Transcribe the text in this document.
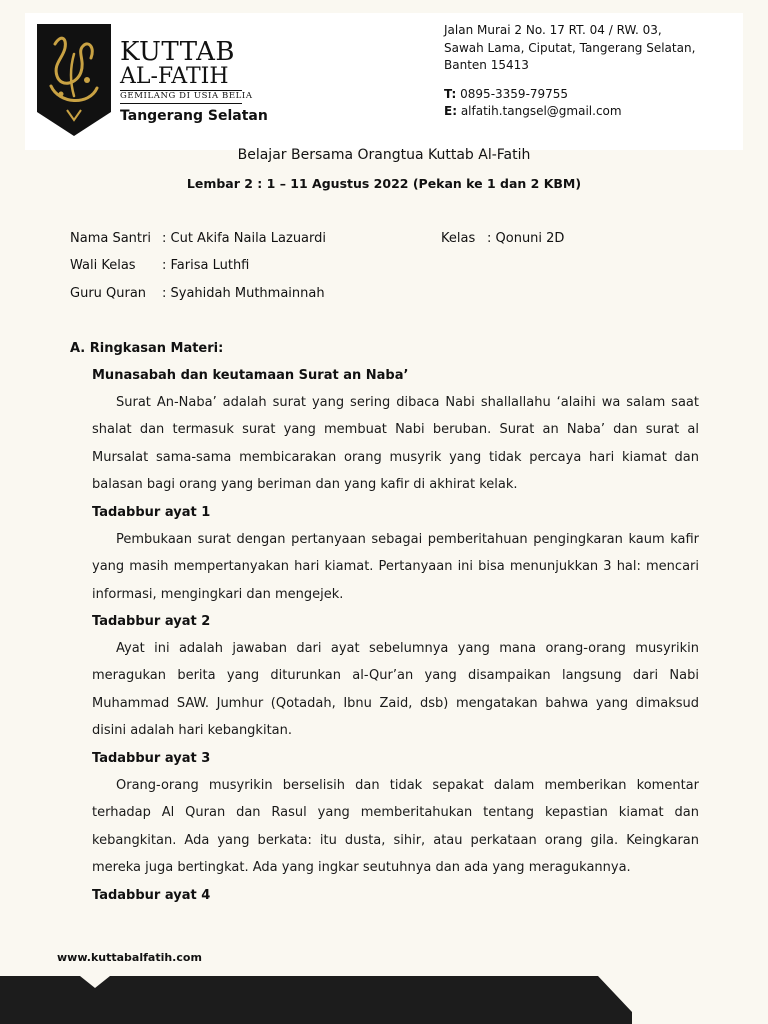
KUTTAB
AL-FATIH
GEMILANG DI USIA BELIA
Tangerang Selatan
Jalan Murai 2 No. 17 RT. 04 / RW. 03,
Sawah Lama, Ciputat, Tangerang Selatan,
Banten 15413
T: 0895-3359-79755
E: alfatih.tangsel@gmail.com
Belajar Bersama Orangtua Kuttab Al-Fatih
Lembar 2 : 1 – 11 Agustus 2022 (Pekan ke 1 dan 2 KBM)
Nama Santri : Cut Akifa Naila Lazuardi	Kelas : Qonuni 2D
Wali Kelas : Farisa Luthfi
Guru Quran : Syahidah Muthmainnah
A. Ringkasan Materi:
Munasabah dan keutamaan Surat an Naba’

Surat An-Naba’ adalah surat yang sering dibaca Nabi shallallahu ‘alaihi wa salam saat shalat dan termasuk surat yang membuat Nabi beruban. Surat an Naba’ dan surat al Mursalat sama-sama membicarakan orang musyrik yang tidak percaya hari kiamat dan balasan bagi orang yang beriman dan yang kafir di akhirat kelak.

Tadabbur ayat 1

Pembukaan surat dengan pertanyaan sebagai pemberitahuan pengingkaran kaum kafir yang masih mempertanyakan hari kiamat. Pertanyaan ini bisa menunjukkan 3 hal: mencari informasi, mengingkari dan mengejek.

Tadabbur ayat 2

Ayat ini adalah jawaban dari ayat sebelumnya yang mana orang-orang musyrikin meragukan berita yang diturunkan al-Qur’an yang disampaikan langsung dari Nabi Muhammad SAW. Jumhur (Qotadah, Ibnu Zaid, dsb) mengatakan bahwa yang dimaksud disini adalah hari kebangkitan.

Tadabbur ayat 3

Orang-orang musyrikin berselisih dan tidak sepakat dalam memberikan komentar terhadap Al Quran dan Rasul yang memberitahukan tentang kepastian kiamat dan kebangkitan. Ada yang berkata: itu dusta, sihir, atau perkataan orang gila. Keingkaran mereka juga bertingkat. Ada yang ingkar seutuhnya dan ada yang meragukannya.

Tadabbur ayat 4
www.kuttabalfatih.com
